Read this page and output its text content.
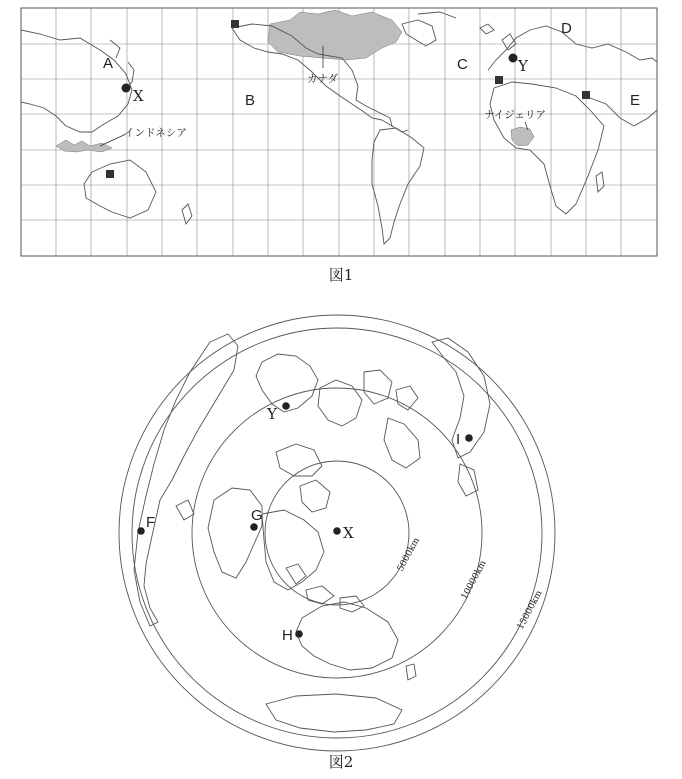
A
B
C
D
E
X
Y
インドネシア
カナダ
ナイジェリア
図1
5000km
10000km
15000km
X
Y
F	G
H
I
図2
